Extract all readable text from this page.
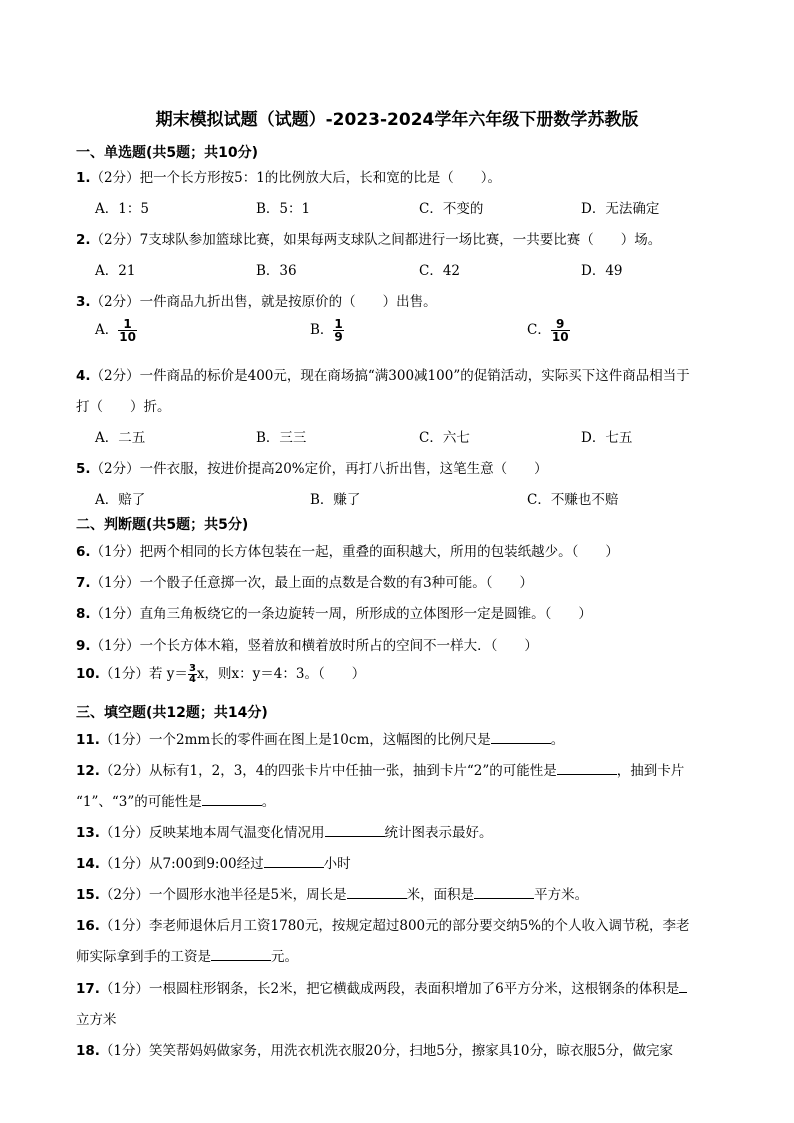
期末模拟试题（试题）-2023-2024学年六年级下册数学苏教版
一、单选题(共5题；共10分)
1.（2分）把一个长方形按5：1的比例放大后，长和宽的比是（　　）。
A．1：5	B．5：1	C．不变的	D．无法确定
2.（2分）7支球队参加篮球比赛，如果每两支球队之间都进行一场比赛，一共要比赛（　　）场。
A．21	B．36	C．42	D．49
3.（2分）一件商品九折出售，就是按原价的（　　）出售。
A． $\frac{1}{10}$	B． $\frac{1}{9}$	C． $\frac{9}{10}$
4.（2分）一件商品的标价是400元，现在商场搞“满300减100”的促销活动，实际买下这件商品相当于
打（　　）折。
A．二五	B．三三	C．六七	D．七五
5.（2分）一件衣服，按进价提高20%定价，再打八折出售，这笔生意（　　）
A．赔了	B．赚了	C．不赚也不赔
二、判断题(共5题；共5分)
6.（1分）把两个相同的长方体包装在一起，重叠的面积越大，所用的包装纸越少。（　　）
7.（1分）一个骰子任意掷一次，最上面的点数是合数的有3种可能。（　　）
8.（1分）直角三角板绕它的一条边旋转一周，所形成的立体图形一定是圆锥。（　　）
9.（1分）一个长方体木箱，竖着放和横着放时所占的空间不一样大．（　　）
10.（1分）若 $y= \frac{3}{4}$ x，则x：y＝4：3。（　　）
三、填空题(共12题；共14分)
11.（1分）一个2mm长的零件画在图上是10cm，这幅图的比例尺是	。
12.（2分）从标有1，2，3，4的四张卡片中任抽一张，抽到卡片“2”的可能性是	，抽到卡片
“1”、“3”的可能性是	。
13.（1分）反映某地本周气温变化情况用	统计图表示最好。
14.（1分）从7:00到9:00经过	小时
15.（2分）一个圆形水池半径是5米，周长是	米，面积是	平方米。
16.（1分）李老师退休后月工资1780元，按规定超过800元的部分要交纳5%的个人收入调节税，李老
师实际拿到手的工资是	元。
17.（1分）一根圆柱形钢条，长2米，把它横截成两段，表面积增加了6平方分米，这根钢条的体积是
立方米
18.（1分）笑笑帮妈妈做家务，用洗衣机洗衣服20分，扫地5分，擦家具10分，晾衣服5分，做完家
